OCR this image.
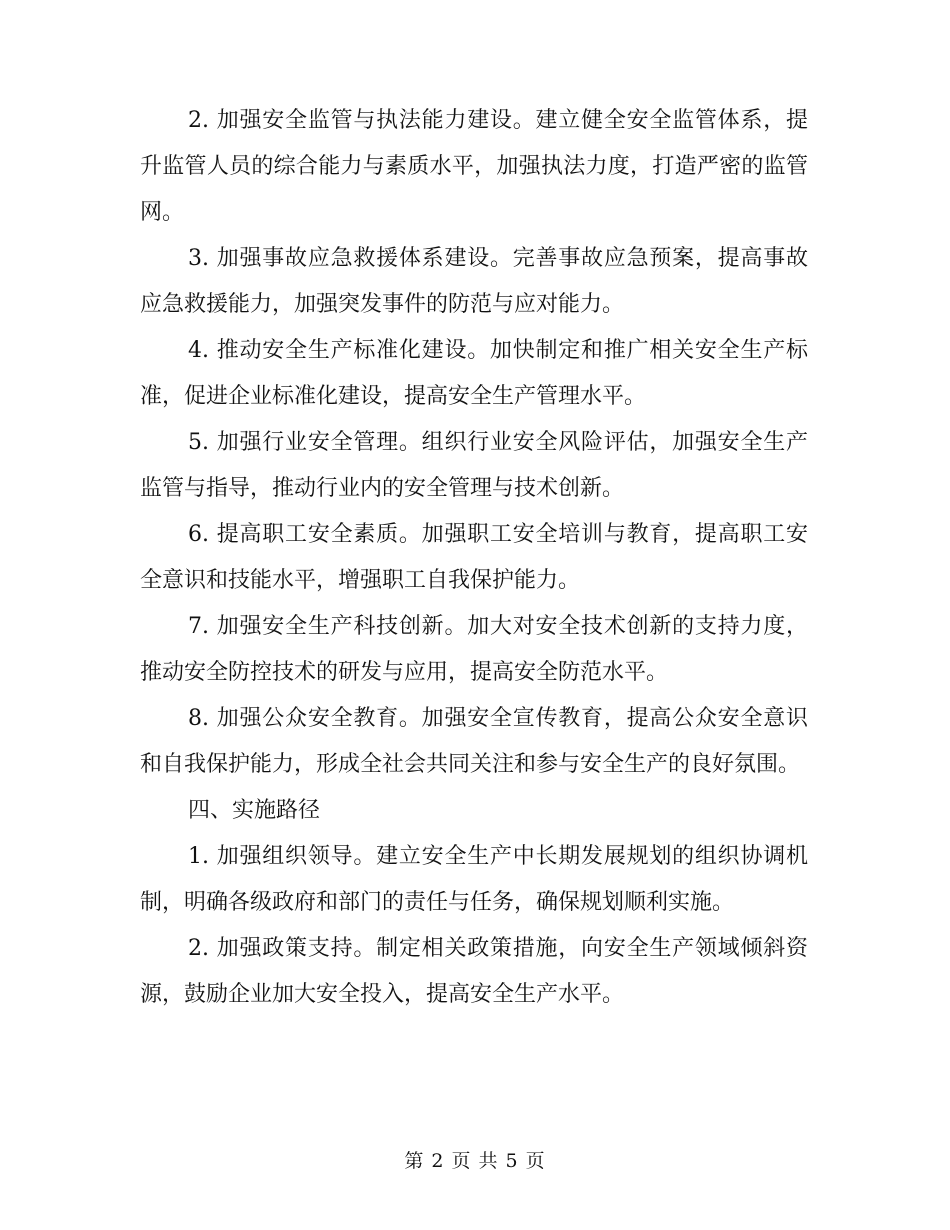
2. 加强安全监管与执法能力建设。建立健全安全监管体系，提升监管人员的综合能力与素质水平，加强执法力度，打造严密的监管网。

3. 加强事故应急救援体系建设。完善事故应急预案，提高事故应急救援能力，加强突发事件的防范与应对能力。

4. 推动安全生产标准化建设。加快制定和推广相关安全生产标准，促进企业标准化建设，提高安全生产管理水平。

5. 加强行业安全管理。组织行业安全风险评估，加强安全生产监管与指导，推动行业内的安全管理与技术创新。

6. 提高职工安全素质。加强职工安全培训与教育，提高职工安全意识和技能水平，增强职工自我保护能力。

7. 加强安全生产科技创新。加大对安全技术创新的支持力度，推动安全防控技术的研发与应用，提高安全防范水平。

8. 加强公众安全教育。加强安全宣传教育，提高公众安全意识和自我保护能力，形成全社会共同关注和参与安全生产的良好氛围。

四、实施路径

1. 加强组织领导。建立安全生产中长期发展规划的组织协调机制，明确各级政府和部门的责任与任务，确保规划顺利实施。

2. 加强政策支持。制定相关政策措施，向安全生产领域倾斜资源，鼓励企业加大安全投入，提高安全生产水平。

第 2 页 共 5 页
